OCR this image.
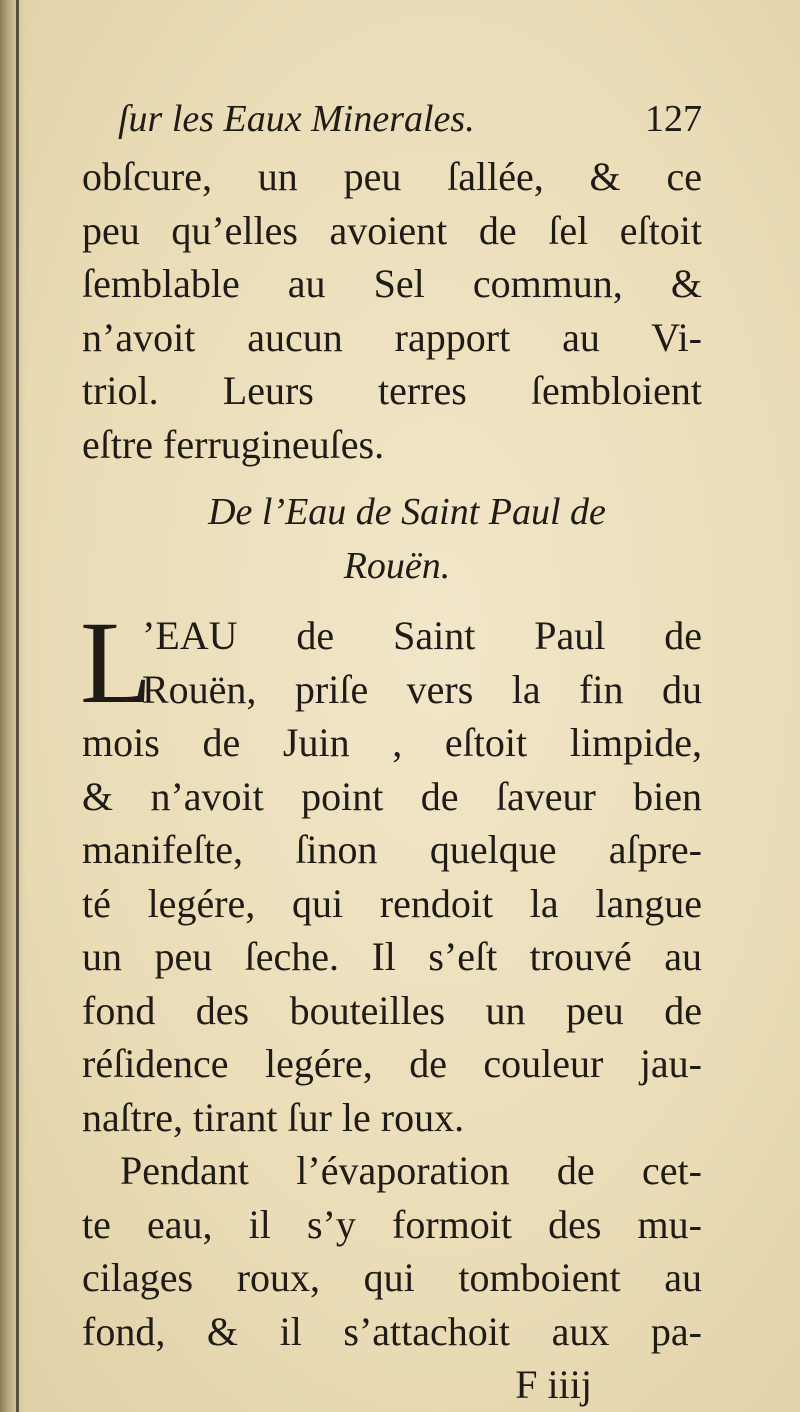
ſur les Eaux Minerales.	127
obſcure, un peu ſallée, & ce
peu qu’elles avoient de ſel eſtoit
ſemblable au Sel commun, &
n’avoit aucun rapport au Vi-
triol. Leurs terres ſembloient
eſtre ferrugineuſes.
De l’Eau de Saint Paul de
Rouën.
L
’EAU de Saint Paul de
Rouën, priſe vers la fin du
mois de Juin , eſtoit limpide,
& n’avoit point de ſaveur bien
manifeſte, ſinon quelque aſpre-
té legére, qui rendoit la langue
un peu ſeche. Il s’eſt trouvé au
fond des bouteilles un peu de
réſidence legére, de couleur jau-
naſtre, tirant ſur le roux.
Pendant l’évaporation de cet-
te eau, il s’y formoit des mu-
cilages roux, qui tomboient au
fond, & il s’attachoit aux pa-
F iiij
